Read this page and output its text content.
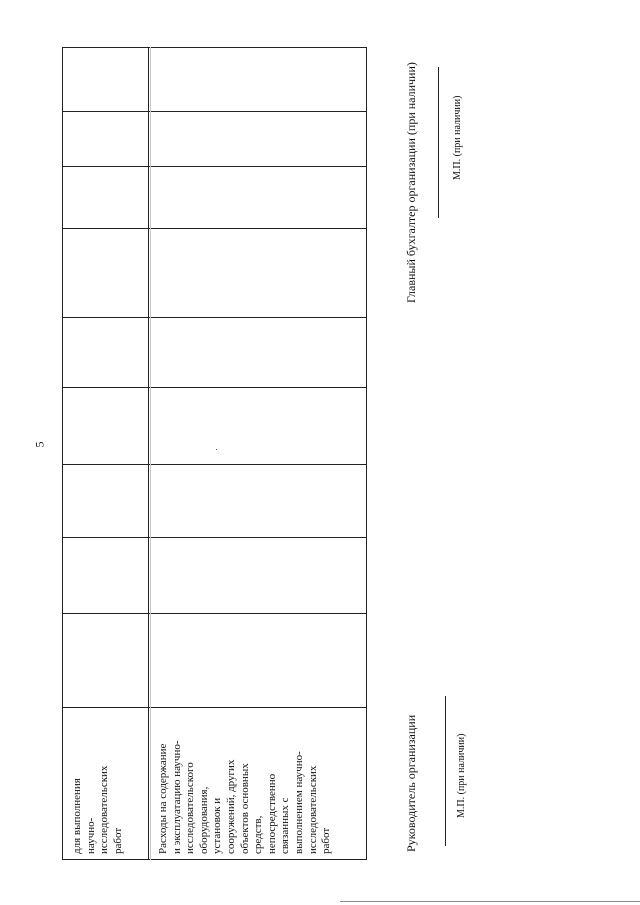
5
для выполнения научно- исследовательских работ	Расходы на содержание и эксплуатацию научно- исследовательского оборудования, установок и сооружений, других объектов основных средств, непосредственно связанных с выполнением научно- исследовательских работ	Руководитель организации	М.П. (при наличии)
Главный бухгалтер организации (при наличии)	М.П. (при наличии)
